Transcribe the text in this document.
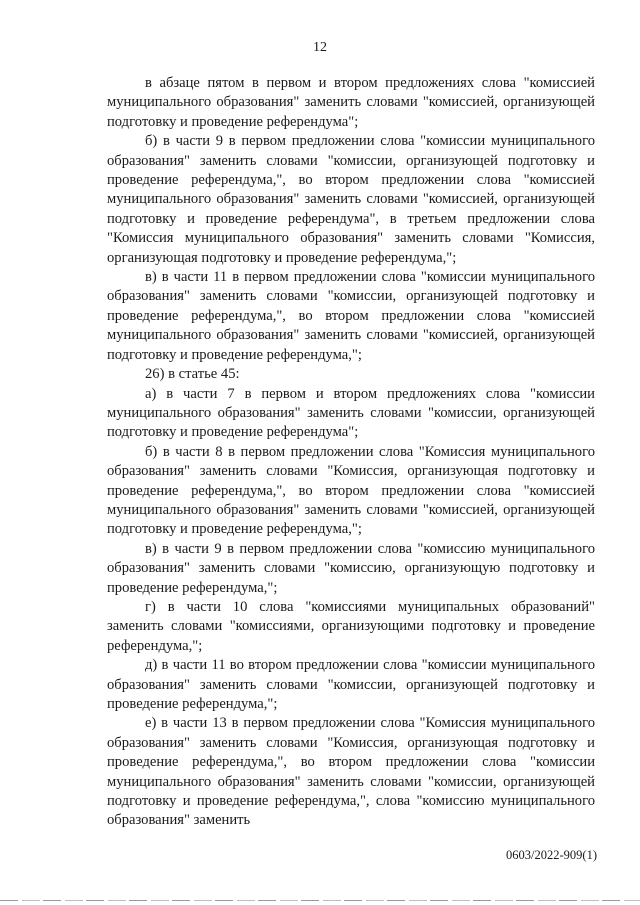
12

в абзаце пятом в первом и втором предложениях слова "комиссией муниципального образования" заменить словами "комиссией, организующей подготовку и проведение референдума";

б) в части 9 в первом предложении слова "комиссии муниципального образования" заменить словами "комиссии, организующей подготовку и проведение референдума,", во втором предложении слова "комиссией муниципального образования" заменить словами "комиссией, организующей подготовку и проведение референдума", в третьем предложении слова "Комиссия муниципального образования" заменить словами "Комиссия, организующая подготовку и проведение референдума,";

в) в части 11 в первом предложении слова "комиссии муниципального образования" заменить словами "комиссии, организующей подготовку и проведение референдума,", во втором предложении слова "комиссией муниципального образования" заменить словами "комиссией, организующей подготовку и проведение референдума,";

26) в статье 45:

а) в части 7 в первом и втором предложениях слова "комиссии муниципального образования" заменить словами "комиссии, организующей подготовку и проведение референдума";

б) в части 8 в первом предложении слова "Комиссия муниципального образования" заменить словами "Комиссия, организующая подготовку и проведение референдума,", во втором предложении слова "комиссией муниципального образования" заменить словами "комиссией, организующей подготовку и проведение референдума,";

в) в части 9 в первом предложении слова "комиссию муниципального образования" заменить словами "комиссию, организующую подготовку и проведение референдума,";

г) в части 10 слова "комиссиями муниципальных образований" заменить словами "комиссиями, организующими подготовку и проведение референдума,";

д) в части 11 во втором предложении слова "комиссии муниципального образования" заменить словами "комиссии, организующей подготовку и проведение референдума,";

е) в части 13 в первом предложении слова "Комиссия муниципального образования" заменить словами "Комиссия, организующая подготовку и проведение референдума,", во втором предложении слова "комиссии муниципального образования" заменить словами "комиссии, организующей подготовку и проведение референдума,", слова "комиссию муниципального образования" заменить

0603/2022-909(1)
